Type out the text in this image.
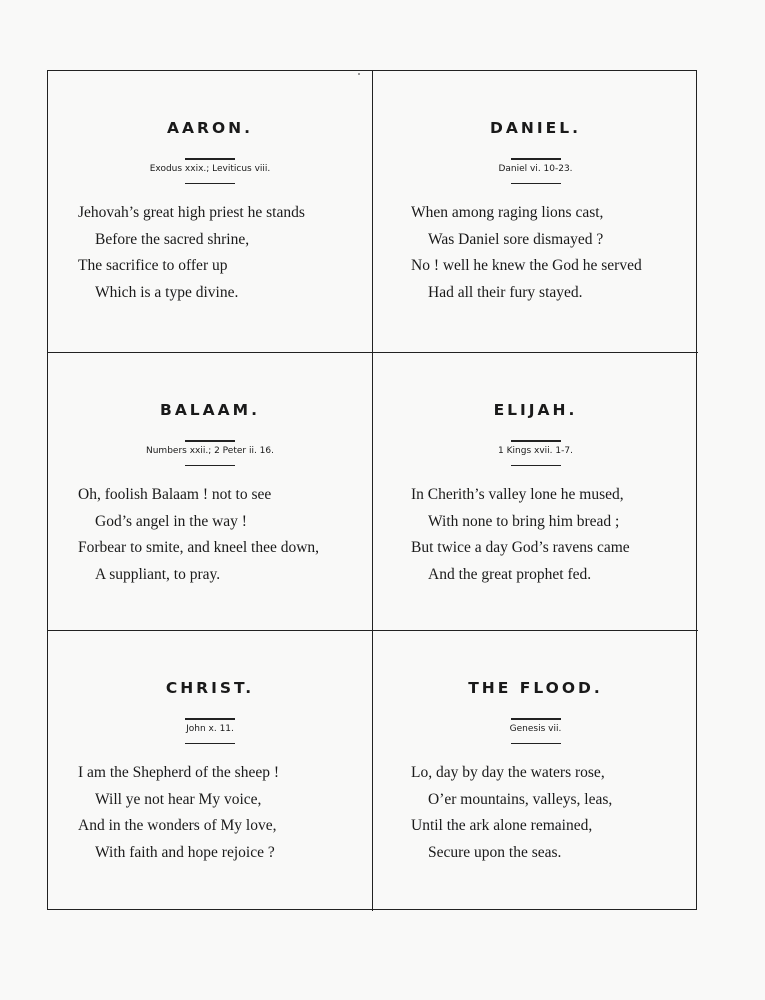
AARON.
Exodus xxix.; Leviticus viii.
Jehovah’s great high priest he stands
Before the sacred shrine,
The sacrifice to offer up
Which is a type divine.
DANIEL.
Daniel vi. 10-23.
When among raging lions cast,
Was Daniel sore dismayed ?
No ! well he knew the God he served
Had all their fury stayed.
BALAAM.
Numbers xxii.; 2 Peter ii. 16.
Oh, foolish Balaam ! not to see
God’s angel in the way !
Forbear to smite, and kneel thee down,
A suppliant, to pray.
ELIJAH.
1 Kings xvii. 1-7.
In Cherith’s valley lone he mused,
With none to bring him bread ;
But twice a day God’s ravens came
And the great prophet fed.
CHRIST.
John x. 11.
I am the Shepherd of the sheep !
Will ye not hear My voice,
And in the wonders of My love,
With faith and hope rejoice ?
THE FLOOD.
Genesis vii.
Lo, day by day the waters rose,
O’er mountains, valleys, leas,
Until the ark alone remained,
Secure upon the seas.
